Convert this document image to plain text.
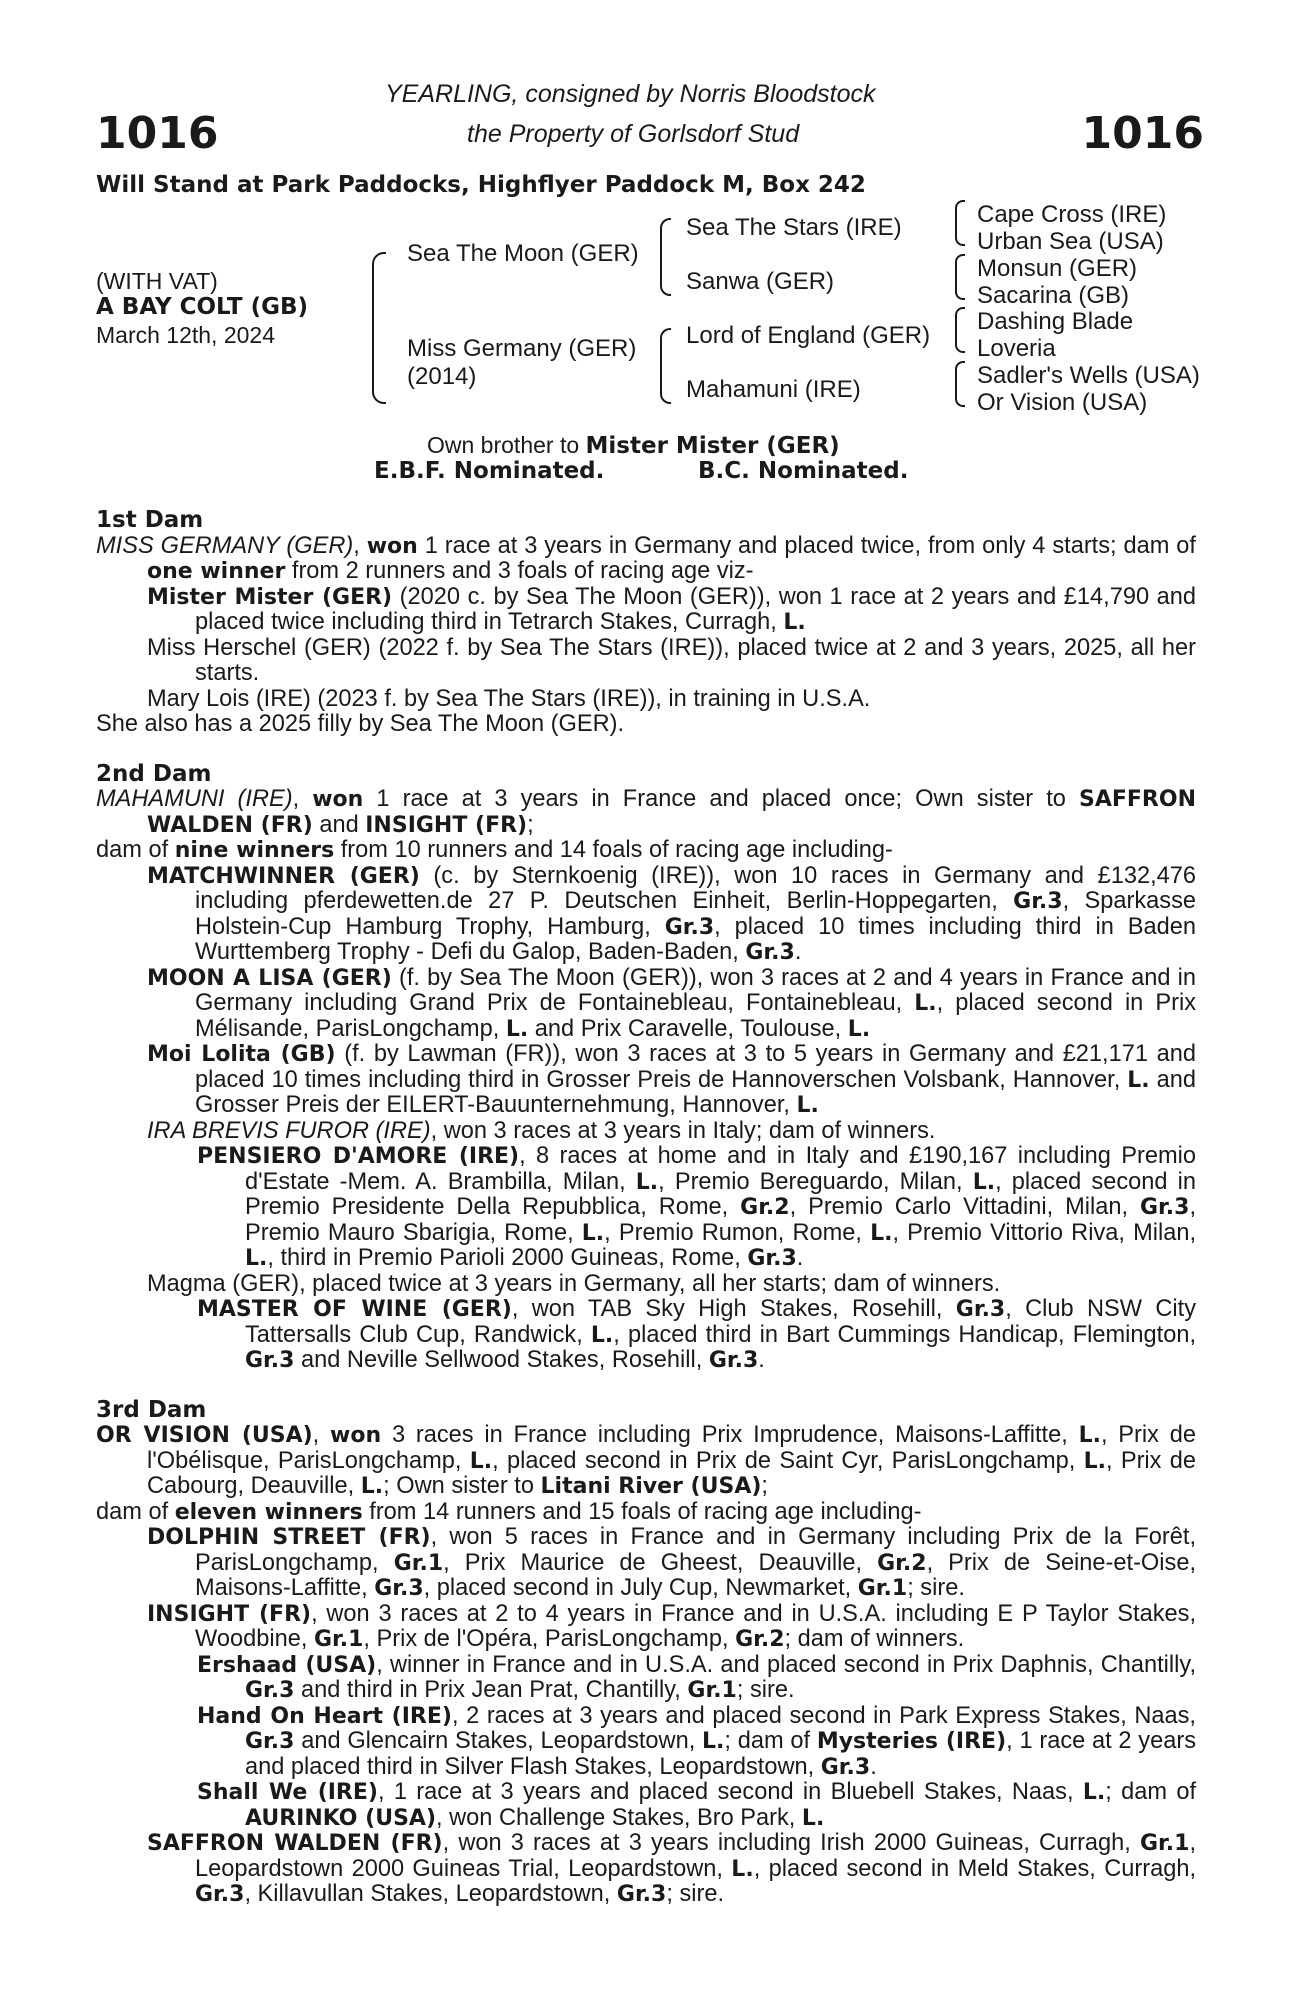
1016	1016
YEARLING, consigned by Norris Bloodstock
the Property of Gorlsdorf Stud
Will Stand at Park Paddocks, Highflyer Paddock M, Box 242
(WITH VAT)
A BAY COLT (GB)
March 12th, 2024
Sea The Moon (GER)
Miss Germany (GER)
(2014)
Sea The Stars (IRE)
Sanwa (GER)
Lord of England (GER)
Mahamuni (IRE)
Cape Cross (IRE)
Urban Sea (USA)
Monsun (GER)
Sacarina (GB)
Dashing Blade
Loveria
Sadler's Wells (USA)
Or Vision (USA)
Own brother to Mister Mister (GER)
E.B.F. Nominated.	B.C. Nominated.

1st Dam

MISS GERMANY (GER), won 1 race at 3 years in Germany and placed twice, from only 4 starts; dam of one winner from 2 runners and 3 foals of racing age viz-

Mister Mister (GER) (2020 c. by Sea The Moon (GER)), won 1 race at 2 years and £14,790 and placed twice including third in Tetrarch Stakes, Curragh, L.

Miss Herschel (GER) (2022 f. by Sea The Stars (IRE)), placed twice at 2 and 3 years, 2025, all her starts.

Mary Lois (IRE) (2023 f. by Sea The Stars (IRE)), in training in U.S.A.

She also has a 2025 filly by Sea The Moon (GER).

2nd Dam

MAHAMUNI (IRE), won 1 race at 3 years in France and placed once; Own sister to SAFFRON WALDEN (FR) and INSIGHT (FR);

dam of nine winners from 10 runners and 14 foals of racing age including-

MATCHWINNER (GER) (c. by Sternkoenig (IRE)), won 10 races in Germany and £132,476 including pferdewetten.de 27 P. Deutschen Einheit, Berlin-Hoppegarten, Gr.3, Sparkasse Holstein-Cup Hamburg Trophy, Hamburg, Gr.3, placed 10 times including third in Baden Wurttemberg Trophy - Defi du Galop, Baden-Baden, Gr.3.

MOON A LISA (GER) (f. by Sea The Moon (GER)), won 3 races at 2 and 4 years in France and in Germany including Grand Prix de Fontainebleau, Fontainebleau, L., placed second in Prix Mélisande, ParisLongchamp, L. and Prix Caravelle, Toulouse, L.

Moi Lolita (GB) (f. by Lawman (FR)), won 3 races at 3 to 5 years in Germany and £21,171 and placed 10 times including third in Grosser Preis de Hannoverschen Volsbank, Hannover, L. and Grosser Preis der EILERT-Bauunternehmung, Hannover, L.

IRA BREVIS FUROR (IRE), won 3 races at 3 years in Italy; dam of winners.

PENSIERO D'AMORE (IRE), 8 races at home and in Italy and £190,167 including Premio d'Estate -Mem. A. Brambilla, Milan, L., Premio Bereguardo, Milan, L., placed second in Premio Presidente Della Repubblica, Rome, Gr.2, Premio Carlo Vittadini, Milan, Gr.3, Premio Mauro Sbarigia, Rome, L., Premio Rumon, Rome, L., Premio Vittorio Riva, Milan, L., third in Premio Parioli 2000 Guineas, Rome, Gr.3.

Magma (GER), placed twice at 3 years in Germany, all her starts; dam of winners.

MASTER OF WINE (GER), won TAB Sky High Stakes, Rosehill, Gr.3, Club NSW City Tattersalls Club Cup, Randwick, L., placed third in Bart Cummings Handicap, Flemington, Gr.3 and Neville Sellwood Stakes, Rosehill, Gr.3.

3rd Dam

OR VISION (USA), won 3 races in France including Prix Imprudence, Maisons-Laffitte, L., Prix de l'Obélisque, ParisLongchamp, L., placed second in Prix de Saint Cyr, ParisLongchamp, L., Prix de Cabourg, Deauville, L.; Own sister to Litani River (USA);

dam of eleven winners from 14 runners and 15 foals of racing age including-

DOLPHIN STREET (FR), won 5 races in France and in Germany including Prix de la Forêt, ParisLongchamp, Gr.1, Prix Maurice de Gheest, Deauville, Gr.2, Prix de Seine-et-Oise, Maisons-Laffitte, Gr.3, placed second in July Cup, Newmarket, Gr.1; sire.

INSIGHT (FR), won 3 races at 2 to 4 years in France and in U.S.A. including E P Taylor Stakes, Woodbine, Gr.1, Prix de l'Opéra, ParisLongchamp, Gr.2; dam of winners.

Ershaad (USA), winner in France and in U.S.A. and placed second in Prix Daphnis, Chantilly, Gr.3 and third in Prix Jean Prat, Chantilly, Gr.1; sire.

Hand On Heart (IRE), 2 races at 3 years and placed second in Park Express Stakes, Naas, Gr.3 and Glencairn Stakes, Leopardstown, L.; dam of Mysteries (IRE), 1 race at 2 years and placed third in Silver Flash Stakes, Leopardstown, Gr.3.

Shall We (IRE), 1 race at 3 years and placed second in Bluebell Stakes, Naas, L.; dam of AURINKO (USA), won Challenge Stakes, Bro Park, L.

SAFFRON WALDEN (FR), won 3 races at 3 years including Irish 2000 Guineas, Curragh, Gr.1, Leopardstown 2000 Guineas Trial, Leopardstown, L., placed second in Meld Stakes, Curragh, Gr.3, Killavullan Stakes, Leopardstown, Gr.3; sire.
